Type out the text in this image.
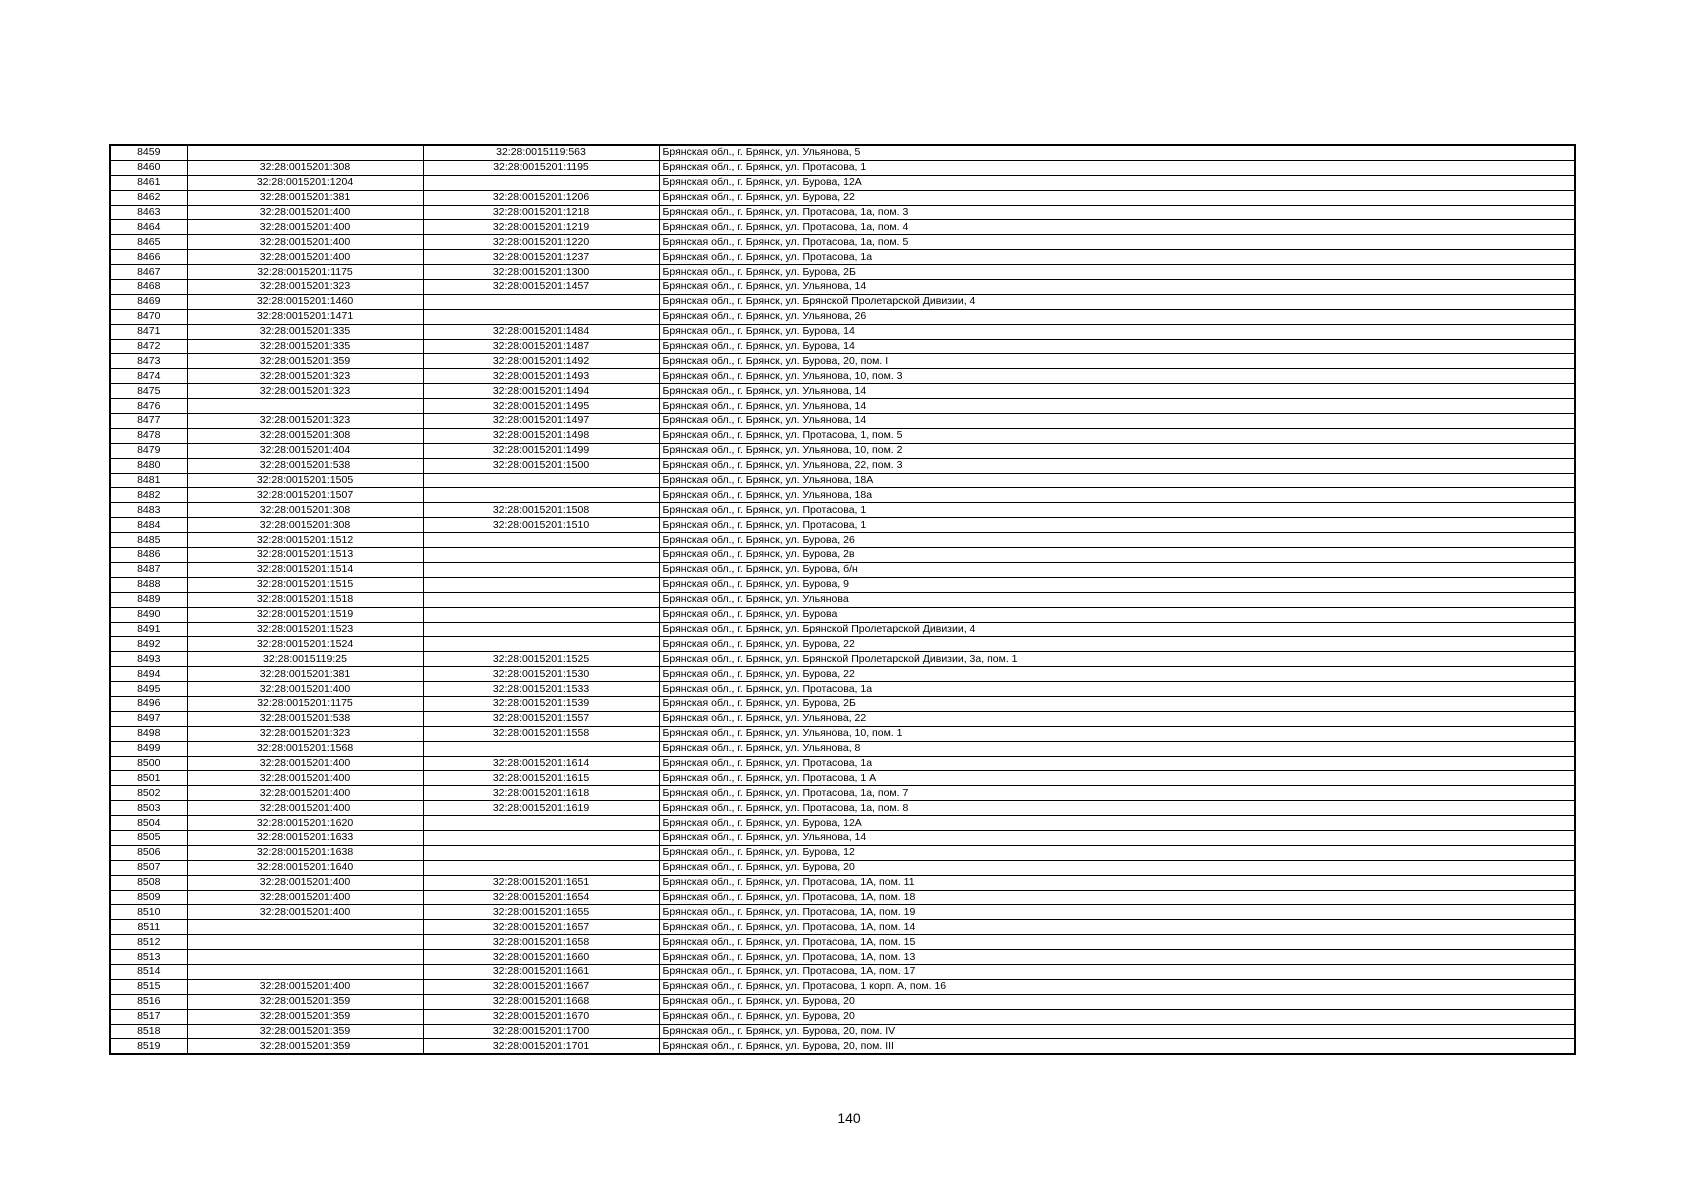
8459		32:28:0015119:563	Брянская обл., г. Брянск, ул. Ульянова, 5
8460	32:28:0015201:308	32:28:0015201:1195	Брянская обл., г. Брянск, ул. Протасова, 1
8461	32:28:0015201:1204		Брянская обл., г. Брянск, ул. Бурова, 12А
8462	32:28:0015201:381	32:28:0015201:1206	Брянская обл., г. Брянск, ул. Бурова, 22
8463	32:28:0015201:400	32:28:0015201:1218	Брянская обл., г. Брянск, ул. Протасова, 1а, пом. 3
8464	32:28:0015201:400	32:28:0015201:1219	Брянская обл., г. Брянск, ул. Протасова, 1а, пом. 4
8465	32:28:0015201:400	32:28:0015201:1220	Брянская обл., г. Брянск, ул. Протасова, 1а, пом. 5
8466	32:28:0015201:400	32:28:0015201:1237	Брянская обл., г. Брянск, ул. Протасова, 1а
8467	32:28:0015201:1175	32:28:0015201:1300	Брянская обл., г. Брянск, ул. Бурова, 2Б
8468	32:28:0015201:323	32:28:0015201:1457	Брянская обл., г. Брянск, ул. Ульянова, 14
8469	32:28:0015201:1460		Брянская обл., г. Брянск, ул. Брянской Пролетарской Дивизии, 4
8470	32:28:0015201:1471		Брянская обл., г. Брянск, ул. Ульянова, 26
8471	32:28:0015201:335	32:28:0015201:1484	Брянская обл., г. Брянск, ул. Бурова, 14
8472	32:28:0015201:335	32:28:0015201:1487	Брянская обл., г. Брянск, ул. Бурова, 14
8473	32:28:0015201:359	32:28:0015201:1492	Брянская обл., г. Брянск, ул. Бурова, 20, пом. I
8474	32:28:0015201:323	32:28:0015201:1493	Брянская обл., г. Брянск, ул. Ульянова, 10, пом. 3
8475	32:28:0015201:323	32:28:0015201:1494	Брянская обл., г. Брянск, ул. Ульянова, 14
8476		32:28:0015201:1495	Брянская обл., г. Брянск, ул. Ульянова, 14
8477	32:28:0015201:323	32:28:0015201:1497	Брянская обл., г. Брянск, ул. Ульянова, 14
8478	32:28:0015201:308	32:28:0015201:1498	Брянская обл., г. Брянск, ул. Протасова, 1, пом. 5
8479	32:28:0015201:404	32:28:0015201:1499	Брянская обл., г. Брянск, ул. Ульянова, 10, пом. 2
8480	32:28:0015201:538	32:28:0015201:1500	Брянская обл., г. Брянск, ул. Ульянова, 22, пом. 3
8481	32:28:0015201:1505		Брянская обл., г. Брянск, ул. Ульянова, 18А
8482	32:28:0015201:1507		Брянская обл., г. Брянск, ул. Ульянова, 18а
8483	32:28:0015201:308	32:28:0015201:1508	Брянская обл., г. Брянск, ул. Протасова, 1
8484	32:28:0015201:308	32:28:0015201:1510	Брянская обл., г. Брянск, ул. Протасова, 1
8485	32:28:0015201:1512		Брянская обл., г. Брянск, ул. Бурова, 26
8486	32:28:0015201:1513		Брянская обл., г. Брянск, ул. Бурова, 2в
8487	32:28:0015201:1514		Брянская обл., г. Брянск, ул. Бурова, б/н
8488	32:28:0015201:1515		Брянская обл., г. Брянск, ул. Бурова, 9
8489	32:28:0015201:1518		Брянская обл., г. Брянск, ул. Ульянова
8490	32:28:0015201:1519		Брянская обл., г. Брянск, ул. Бурова
8491	32:28:0015201:1523		Брянская обл., г. Брянск, ул. Брянской Пролетарской Дивизии, 4
8492	32:28:0015201:1524		Брянская обл., г. Брянск, ул. Бурова, 22
8493	32:28:0015119:25	32:28:0015201:1525	Брянская обл., г. Брянск, ул. Брянской Пролетарской Дивизии, 3а, пом. 1
8494	32:28:0015201:381	32:28:0015201:1530	Брянская обл., г. Брянск, ул. Бурова, 22
8495	32:28:0015201:400	32:28:0015201:1533	Брянская обл., г. Брянск, ул. Протасова, 1а
8496	32:28:0015201:1175	32:28:0015201:1539	Брянская обл., г. Брянск, ул. Бурова, 2Б
8497	32:28:0015201:538	32:28:0015201:1557	Брянская обл., г. Брянск, ул. Ульянова, 22
8498	32:28:0015201:323	32:28:0015201:1558	Брянская обл., г. Брянск, ул. Ульянова, 10, пом. 1
8499	32:28:0015201:1568		Брянская обл., г. Брянск, ул. Ульянова, 8
8500	32:28:0015201:400	32:28:0015201:1614	Брянская обл., г. Брянск, ул. Протасова, 1а
8501	32:28:0015201:400	32:28:0015201:1615	Брянская обл., г. Брянск, ул. Протасова, 1 А
8502	32:28:0015201:400	32:28:0015201:1618	Брянская обл., г. Брянск, ул. Протасова, 1а, пом. 7
8503	32:28:0015201:400	32:28:0015201:1619	Брянская обл., г. Брянск, ул. Протасова, 1а, пом. 8
8504	32:28:0015201:1620		Брянская обл., г. Брянск, ул. Бурова, 12А
8505	32:28:0015201:1633		Брянская обл., г. Брянск, ул. Ульянова, 14
8506	32:28:0015201:1638		Брянская обл., г. Брянск, ул. Бурова, 12
8507	32:28:0015201:1640		Брянская обл., г. Брянск, ул. Бурова, 20
8508	32:28:0015201:400	32:28:0015201:1651	Брянская обл., г. Брянск, ул. Протасова, 1А, пом. 11
8509	32:28:0015201:400	32:28:0015201:1654	Брянская обл., г. Брянск, ул. Протасова, 1А, пом. 18
8510	32:28:0015201:400	32:28:0015201:1655	Брянская обл., г. Брянск, ул. Протасова, 1А, пом. 19
8511		32:28:0015201:1657	Брянская обл., г. Брянск, ул. Протасова, 1А, пом. 14
8512		32:28:0015201:1658	Брянская обл., г. Брянск, ул. Протасова, 1А, пом. 15
8513		32:28:0015201:1660	Брянская обл., г. Брянск, ул. Протасова, 1А, пом. 13
8514		32:28:0015201:1661	Брянская обл., г. Брянск, ул. Протасова, 1А, пом. 17
8515	32:28:0015201:400	32:28:0015201:1667	Брянская обл., г. Брянск, ул. Протасова, 1 корп. А, пом. 16
8516	32:28:0015201:359	32:28:0015201:1668	Брянская обл., г. Брянск, ул. Бурова, 20
8517	32:28:0015201:359	32:28:0015201:1670	Брянская обл., г. Брянск, ул. Бурова, 20
8518	32:28:0015201:359	32:28:0015201:1700	Брянская обл., г. Брянск, ул. Бурова, 20, пом. IV
8519	32:28:0015201:359	32:28:0015201:1701	Брянская обл., г. Брянск, ул. Бурова, 20, пом. III
140
